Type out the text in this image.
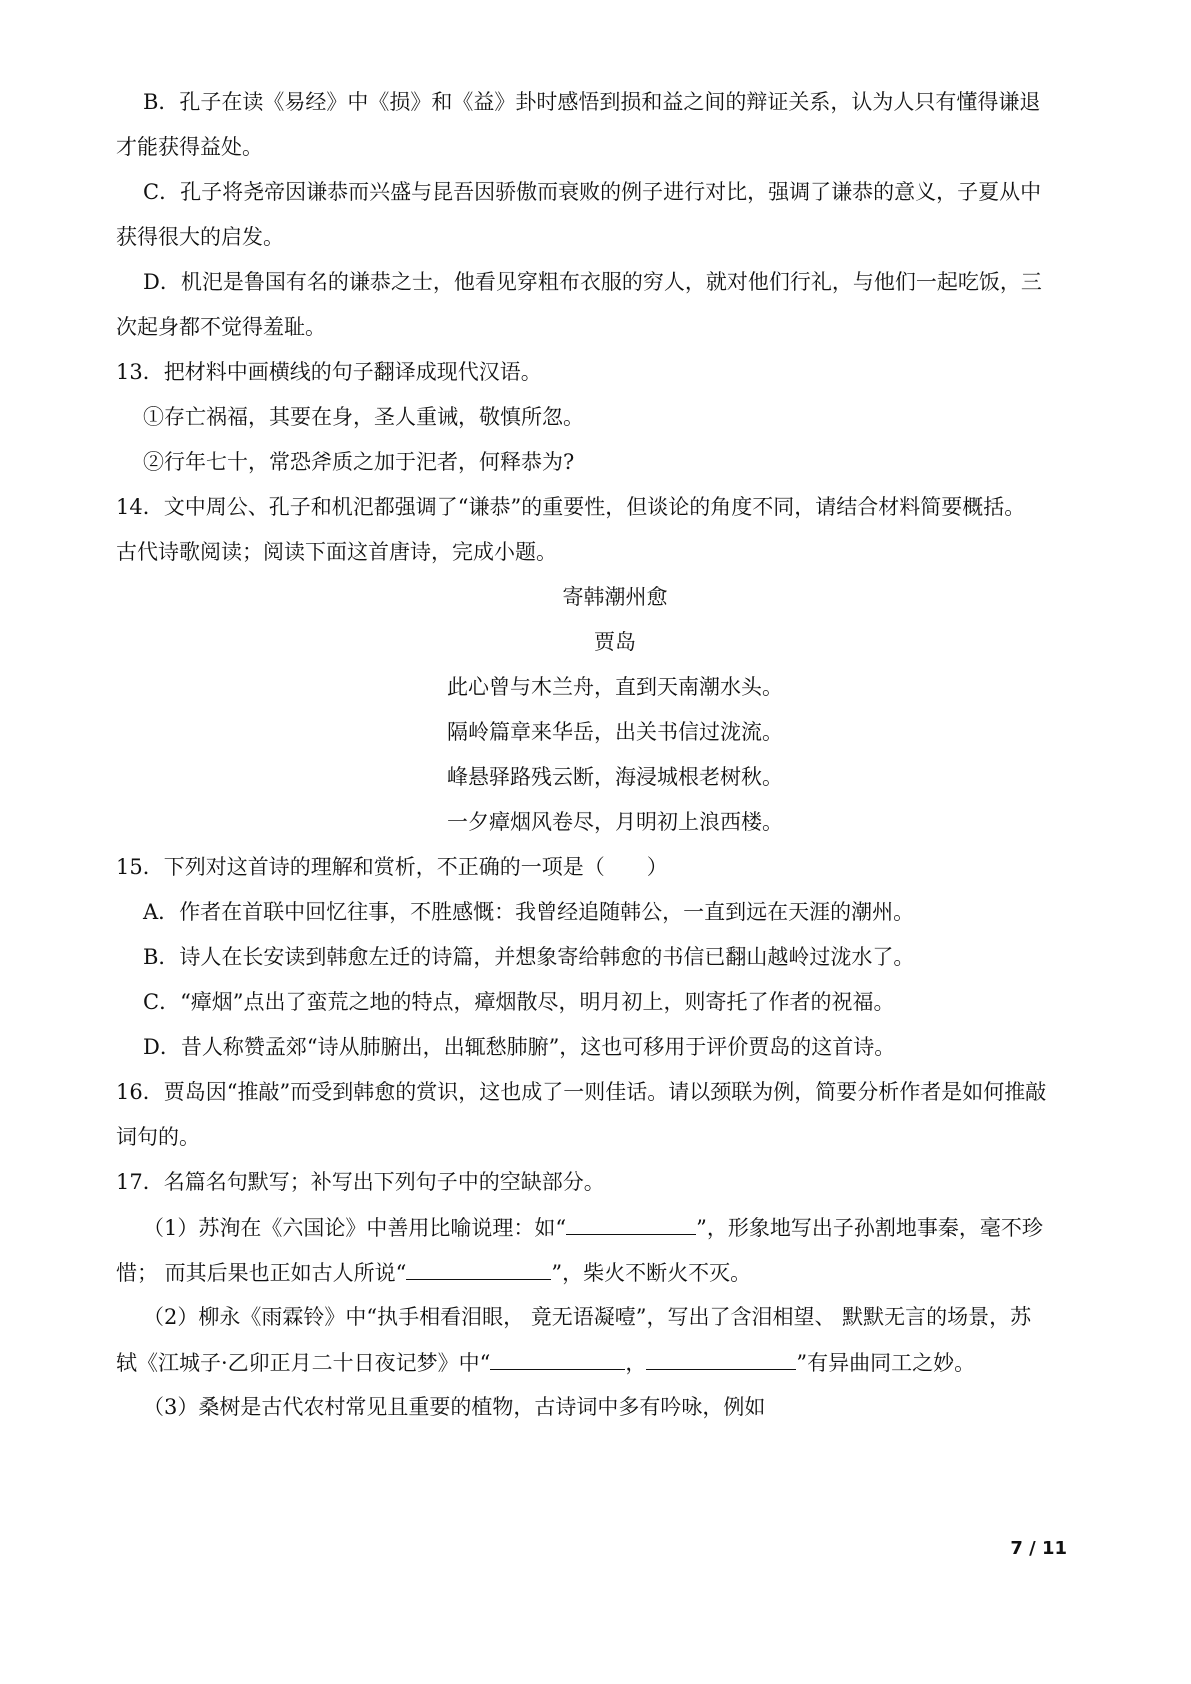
B．孔子在读《易经》中《损》和《益》卦时感悟到损和益之间的辩证关系，认为人只有懂得谦退
才能获得益处。
C．孔子将尧帝因谦恭而兴盛与昆吾因骄傲而衰败的例子进行对比，强调了谦恭的意义，子夏从中
获得很大的启发。
D．机汜是鲁国有名的谦恭之士，他看见穿粗布衣服的穷人，就对他们行礼，与他们一起吃饭，三
次起身都不觉得羞耻。
13．把材料中画横线的句子翻译成现代汉语。
①存亡祸福，其要在身，圣人重诫，敬慎所忽。
②行年七十，常恐斧质之加于汜者，何释恭为?
14．文中周公、孔子和机汜都强调了“谦恭”的重要性，但谈论的角度不同，请结合材料简要概括。
古代诗歌阅读；阅读下面这首唐诗，完成小题。
寄韩潮州愈
贾岛
此心曾与木兰舟，直到天南潮水头。
隔岭篇章来华岳，出关书信过泷流。
峰悬驿路残云断，海浸城根老树秋。
一夕瘴烟风卷尽，月明初上浪西楼。
15．下列对这首诗的理解和赏析，不正确的一项是（　　）
A．作者在首联中回忆往事，不胜感慨：我曾经追随韩公，一直到远在天涯的潮州。
B．诗人在长安读到韩愈左迁的诗篇，并想象寄给韩愈的书信已翻山越岭过泷水了。
C．“瘴烟”点出了蛮荒之地的特点，瘴烟散尽，明月初上，则寄托了作者的祝福。
D．昔人称赞孟郊“诗从肺腑出，出辄愁肺腑”，这也可移用于评价贾岛的这首诗。
16．贾岛因“推敲”而受到韩愈的赏识，这也成了一则佳话。请以颈联为例，简要分析作者是如何推敲
词句的。
17．名篇名句默写；补写出下列句子中的空缺部分。
（1）苏洵在《六国论》中善用比喻说理：如“	”，形象地写出子孙割地事秦，毫不珍
惜； 而其后果也正如古人所说“	”，柴火不断火不灭。
（2）柳永《雨霖铃》中“执手相看泪眼， 竟无语凝噎”，写出了含泪相望、 默默无言的场景，苏
轼《江城子·乙卯正月二十日夜记梦》中“	，	”有异曲同工之妙。
（3）桑树是古代农村常见且重要的植物，古诗词中多有吟咏，例如
7 / 11
